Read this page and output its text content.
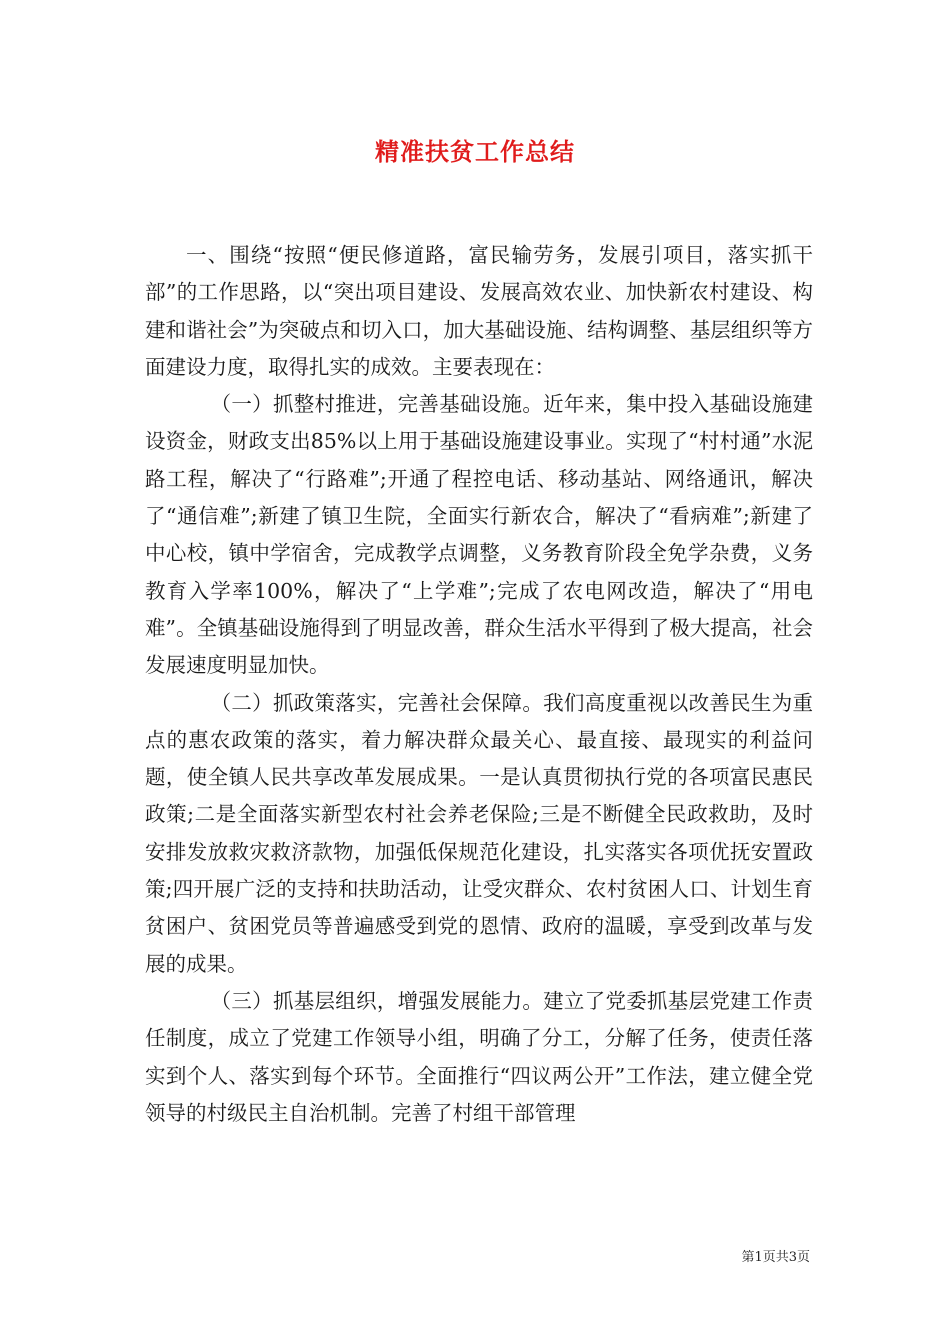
精准扶贫工作总结

一、围绕“按照“便民修道路，富民输劳务，发展引项目，落实抓干部”的工作思路，以“突出项目建设、发展高效农业、加快新农村建设、构建和谐社会”为突破点和切入口，加大基础设施、结构调整、基层组织等方面建设力度，取得扎实的成效。主要表现在：

（一）抓整村推进，完善基础设施。近年来，集中投入基础设施建设资金，财政支出85%以上用于基础设施建设事业。实现了“村村通”水泥路工程，解决了“行路难”;开通了程控电话、移动基站、网络通讯，解决了“通信难”;新建了镇卫生院，全面实行新农合，解决了“看病难”;新建了中心校，镇中学宿舍，完成教学点调整，义务教育阶段全免学杂费，义务教育入学率100%，解决了“上学难”;完成了农电网改造，解决了“用电难”。全镇基础设施得到了明显改善，群众生活水平得到了极大提高，社会发展速度明显加快。

（二）抓政策落实，完善社会保障。我们高度重视以改善民生为重点的惠农政策的落实，着力解决群众最关心、最直接、最现实的利益问题，使全镇人民共享改革发展成果。一是认真贯彻执行党的各项富民惠民政策;二是全面落实新型农村社会养老保险;三是不断健全民政救助，及时安排发放救灾救济款物，加强低保规范化建设，扎实落实各项优抚安置政策;四开展广泛的支持和扶助活动，让受灾群众、农村贫困人口、计划生育贫困户、贫困党员等普遍感受到党的恩情、政府的温暖，享受到改革与发展的成果。

（三）抓基层组织，增强发展能力。建立了党委抓基层党建工作责任制度，成立了党建工作领导小组，明确了分工，分解了任务，使责任落实到个人、落实到每个环节。全面推行“四议两公开”工作法，建立健全党领导的村级民主自治机制。完善了村组干部管理

第1页共3页
